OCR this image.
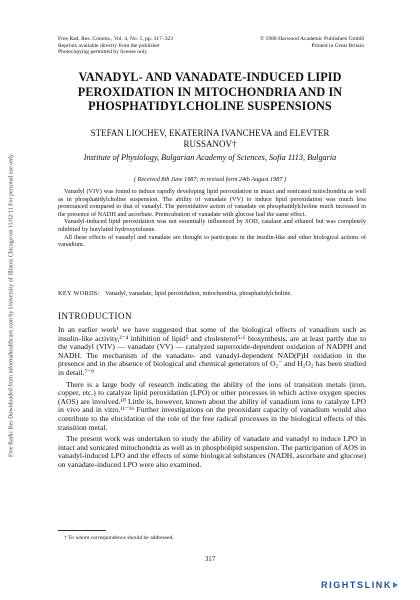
Free Radic Res Downloaded from informahealthcare.com by University of Illinois Chicago on 11/02/11 For personal use only.
Free Rad. Res. Comms., Vol. 4, No. 5, pp. 317–323
Reprints available directly from the publisher
Photocopying permitted by license only
© 1988 Harwood Academic Publishers GmbH
Printed in Great Britain
VANADYL- AND VANADATE-INDUCED LIPID
PEROXIDATION IN MITOCHONDRIA AND IN
PHOSPHATIDYLCHOLINE SUSPENSIONS
STEFAN LIOCHEV, EKATERINA IVANCHEVA and ELEVTER
RUSSANOV†
Institute of Physiology, Bulgarian Academy of Sciences, Sofia 1113, Bulgaria
( Received 8th June 1987; in revised form 24th August 1987 )

Vanadyl (VIV) was found to induce rapidly developing lipid peroxidation in intact and sonicated mitochondria as well as in phosphatidylcholine suspension. The ability of vanadate (VV) to induce lipid peroxidation was much less pronounced compared to that of vanadyl. The peroxidative action of vanadate on phosphatidylcholine much increased in the presence of NADH and ascorbate. Preincubation of vanadate with glucose had the same effect.

Vanadyl-induced lipid peroxidation was not essentially influenced by SOD, catalase and ethanol but was completely inhibited by butylated hydroxytoluene.

All these effects of vanadyl and vanadate are thought to participate in the insulin-like and other biological actions of vanadium.

KEY WORDS: Vanadyl, vanadate, lipid peroxidation, mitochondria, phosphatidylcholine.
INTRODUCTION

In an earlier work¹ we have suggested that some of the biological effects of vanadium such as insulin-like activity,²⁻⁴ inhibition of lipid⁵ and cholesterol⁵·⁶ biosynthesis, are at least partly due to the vanadyl (VIV) — vanadate (VV) — catalyzed superoxide-dependent oxidation of NADPH and NADH. The mechanism of the vanadate- and vanadyl-dependent NAD(P)H oxidation in the presence and in the absence of biological and chemical generators of O₂⁻ and H₂O₂ has been studied in detail.⁷⁻⁹

There is a large body of research indicating the ability of the ions of transition metals (iron, copper, etc.) to catalyze lipid peroxidation (LPO) or other processes in which active oxygen species (AOS) are involved.¹⁰ Little is, however, known about the ability of vanadium ions to catalyze LPO in vivo and in vitro.¹¹⁻¹⁶ Further investigations on the prooxidant capacity of vanadium would also contribute to the elucidation of the role of the free radical processes in the biological effects of this transition metal.

The present work was undertaken to study the ability of vanadate and vanadyl to induce LPO in intact and sonicated mitochondria as well as in phospholipid suspension. The participation of AOS in vanadyl-induced LPO and the effects of some biological substances (NADH, ascorbate and glucose) on vanadate-induced LPO were also examined.

† To whom correspondence should be addressed.
317
RIGHTSLINK
